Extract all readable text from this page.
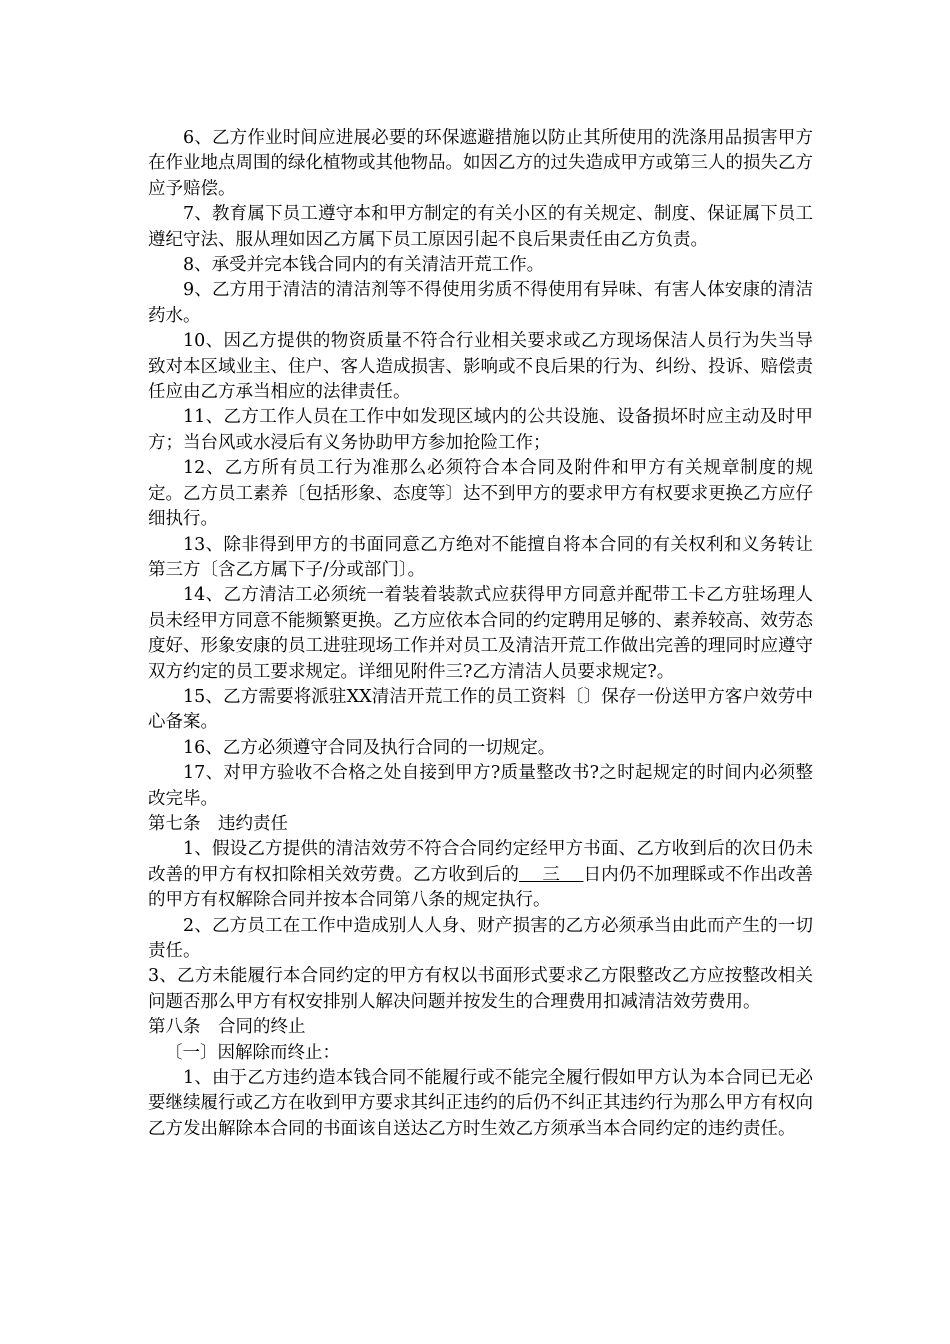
6、乙方作业时间应进展必要的环保遮避措施以防止其所使用的洗涤用品损害甲方在作业地点周围的绿化植物或其他物品。如因乙方的过失造成甲方或第三人的损失乙方应予赔偿。

7、教育属下员工遵守本和甲方制定的有关小区的有关规定、制度、保证属下员工遵纪守法、服从理如因乙方属下员工原因引起不良后果责任由乙方负责。

8、承受并完本钱合同内的有关清洁开荒工作。

9、乙方用于清洁的清洁剂等不得使用劣质不得使用有异味、有害人体安康的清洁药水。

10、因乙方提供的物资质量不符合行业相关要求或乙方现场保洁人员行为失当导致对本区域业主、住户、客人造成损害、影响或不良后果的行为、纠纷、投诉、赔偿责任应由乙方承当相应的法律责任。

11、乙方工作人员在工作中如发现区域内的公共设施、设备损坏时应主动及时甲方；当台风或水浸后有义务协助甲方参加抢险工作；

12、乙方所有员工行为准那么必须符合本合同及附件和甲方有关规章制度的规定。乙方员工素养〔包括形象、态度等〕达不到甲方的要求甲方有权要求更换乙方应仔细执行。

13、除非得到甲方的书面同意乙方绝对不能擅自将本合同的有关权利和义务转让第三方〔含乙方属下子/分或部门〕。

14、乙方清洁工必须统一着装着装款式应获得甲方同意并配带工卡乙方驻场理人员未经甲方同意不能频繁更换。乙方应依本合同的约定聘用足够的、素养较高、效劳态度好、形象安康的员工进驻现场工作并对员工及清洁开荒工作做出完善的理同时应遵守双方约定的员工要求规定。详细见附件三?乙方清洁人员要求规定?。

15、乙方需要将派驻XX清洁开荒工作的员工资料〔〕保存一份送甲方客户效劳中心备案。

16、乙方必须遵守合同及执行合同的一切规定。

17、对甲方验收不合格之处自接到甲方?质量整改书?之时起规定的时间内必须整改完毕。

第七条　违约责任

1、假设乙方提供的清洁效劳不符合合同约定经甲方书面、乙方收到后的次日仍未改善的甲方有权扣除相关效劳费。乙方收到后的　 三 　日内仍不加理睬或不作出改善的甲方有权解除合同并按本合同第八条的规定执行。

2、乙方员工在工作中造成别人人身、财产损害的乙方必须承当由此而产生的一切责任。

3、乙方未能履行本合同约定的甲方有权以书面形式要求乙方限整改乙方应按整改相关问题否那么甲方有权安排别人解决问题并按发生的合理费用扣减清洁效劳费用。

第八条　合同的终止

〔一〕因解除而终止：

1、由于乙方违约造本钱合同不能履行或不能完全履行假如甲方认为本合同已无必要继续履行或乙方在收到甲方要求其纠正违约的后仍不纠正其违约行为那么甲方有权向乙方发出解除本合同的书面该自送达乙方时生效乙方须承当本合同约定的违约责任。
